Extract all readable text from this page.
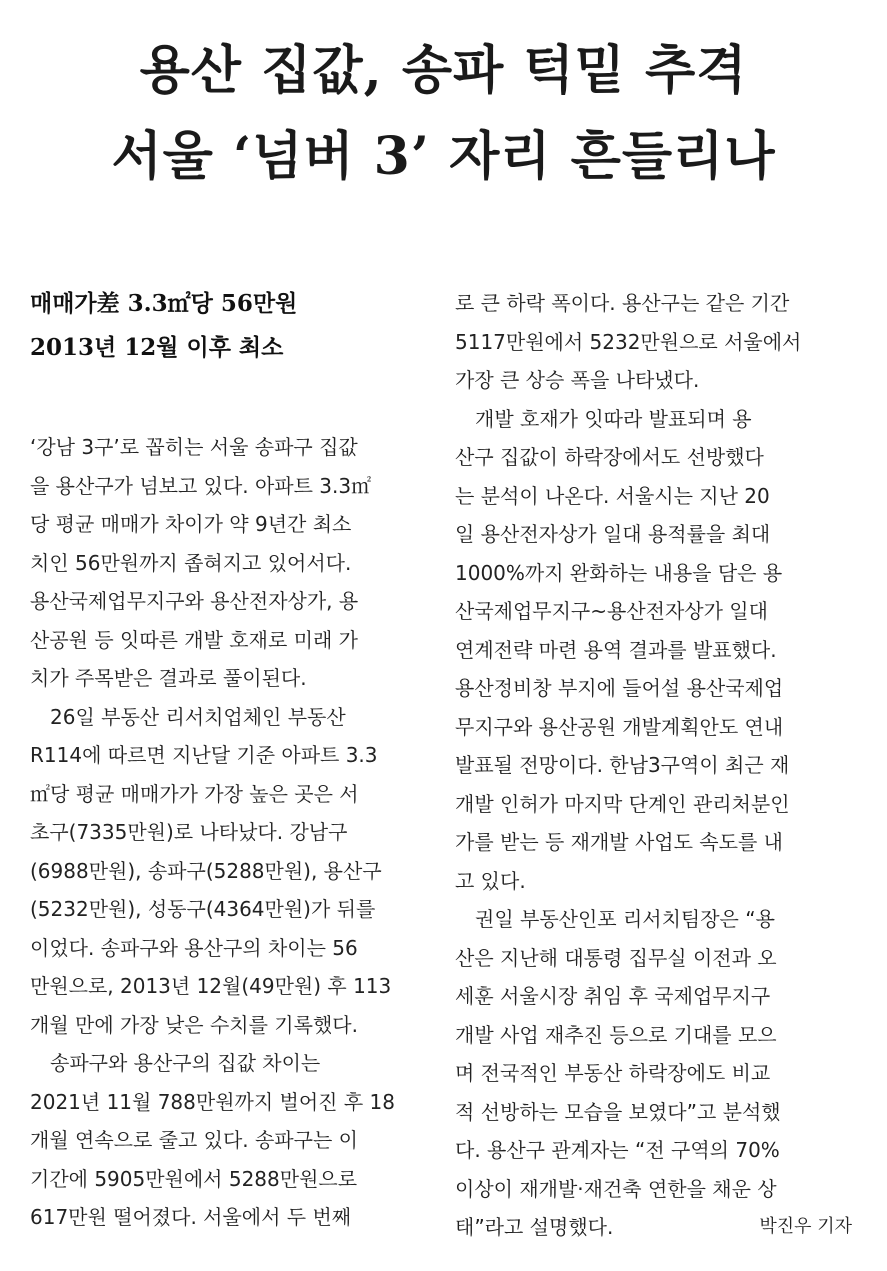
용산 집값, 송파 턱밑 추격
서울 ‘넘버 3’ 자리 흔들리나
매매가差 3.3㎡당 56만원
2013년 12월 이후 최소
‘강남 3구’로 꼽히는 서울 송파구 집값
을 용산구가 넘보고 있다. 아파트 3.3㎡
당 평균 매매가 차이가 약 9년간 최소
치인 56만원까지 좁혀지고 있어서다.
용산국제업무지구와 용산전자상가, 용
산공원 등 잇따른 개발 호재로 미래 가
치가 주목받은 결과로 풀이된다.
　26일 부동산 리서치업체인 부동산
R114에 따르면 지난달 기준 아파트 3.3
㎡당 평균 매매가가 가장 높은 곳은 서
초구(7335만원)로 나타났다. 강남구
(6988만원), 송파구(5288만원), 용산구
(5232만원), 성동구(4364만원)가 뒤를
이었다. 송파구와 용산구의 차이는 56
만원으로, 2013년 12월(49만원) 후 113
개월 만에 가장 낮은 수치를 기록했다.
　송파구와 용산구의 집값 차이는
2021년 11월 788만원까지 벌어진 후 18
개월 연속으로 줄고 있다. 송파구는 이
기간에 5905만원에서 5288만원으로
617만원 떨어졌다. 서울에서 두 번째
로 큰 하락 폭이다. 용산구는 같은 기간
5117만원에서 5232만원으로 서울에서
가장 큰 상승 폭을 나타냈다.
　개발 호재가 잇따라 발표되며 용
산구 집값이 하락장에서도 선방했다
는 분석이 나온다. 서울시는 지난 20
일 용산전자상가 일대 용적률을 최대
1000%까지 완화하는 내용을 담은 용
산국제업무지구~용산전자상가 일대
연계전략 마련 용역 결과를 발표했다.
용산정비창 부지에 들어설 용산국제업
무지구와 용산공원 개발계획안도 연내
발표될 전망이다. 한남3구역이 최근 재
개발 인허가 마지막 단계인 관리처분인
가를 받는 등 재개발 사업도 속도를 내
고 있다.
　권일 부동산인포 리서치팀장은 “용
산은 지난해 대통령 집무실 이전과 오
세훈 서울시장 취임 후 국제업무지구
개발 사업 재추진 등으로 기대를 모으
며 전국적인 부동산 하락장에도 비교
적 선방하는 모습을 보였다”고 분석했
다. 용산구 관계자는 “전 구역의 70%
이상이 재개발·재건축 연한을 채운 상
태”라고 설명했다.	박진우 기자
